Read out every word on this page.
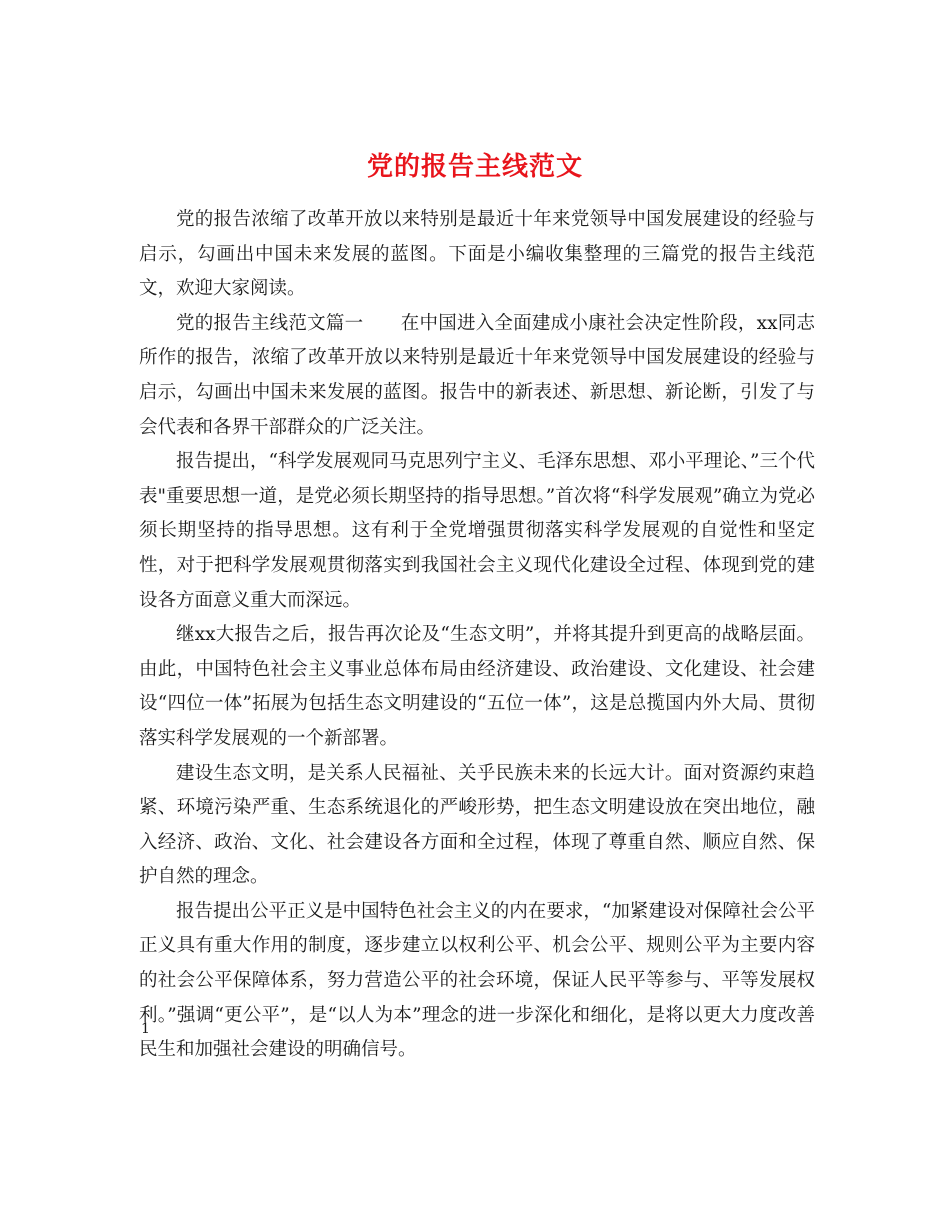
党的报告主线范文

党的报告浓缩了改革开放以来特别是最近十年来党领导中国发展建设的经验与启示，勾画出中国未来发展的蓝图。下面是小编收集整理的三篇党的报告主线范文，欢迎大家阅读。

党的报告主线范文篇一　　在中国进入全面建成小康社会决定性阶段，xx同志所作的报告，浓缩了改革开放以来特别是最近十年来党领导中国发展建设的经验与启示，勾画出中国未来发展的蓝图。报告中的新表述、新思想、新论断，引发了与会代表和各界干部群众的广泛关注。

报告提出，“科学发展观同马克思列宁主义、毛泽东思想、邓小平理论、”三个代表"重要思想一道，是党必须长期坚持的指导思想。”首次将“科学发展观”确立为党必须长期坚持的指导思想。这有利于全党增强贯彻落实科学发展观的自觉性和坚定性，对于把科学发展观贯彻落实到我国社会主义现代化建设全过程、体现到党的建设各方面意义重大而深远。

继xx大报告之后，报告再次论及“生态文明”，并将其提升到更高的战略层面。由此，中国特色社会主义事业总体布局由经济建设、政治建设、文化建设、社会建设“四位一体”拓展为包括生态文明建设的“五位一体”，这是总揽国内外大局、贯彻落实科学发展观的一个新部署。

建设生态文明，是关系人民福祉、关乎民族未来的长远大计。面对资源约束趋紧、环境污染严重、生态系统退化的严峻形势，把生态文明建设放在突出地位，融入经济、政治、文化、社会建设各方面和全过程，体现了尊重自然、顺应自然、保护自然的理念。

报告提出公平正义是中国特色社会主义的内在要求，“加紧建设对保障社会公平正义具有重大作用的制度，逐步建立以权利公平、机会公平、规则公平为主要内容的社会公平保障体系，努力营造公平的社会环境，保证人民平等参与、平等发展权利。”强调“更公平”，是“以人为本”理念的进一步深化和细化，是将以更大力度改善民生和加强社会建设的明确信号。

1
